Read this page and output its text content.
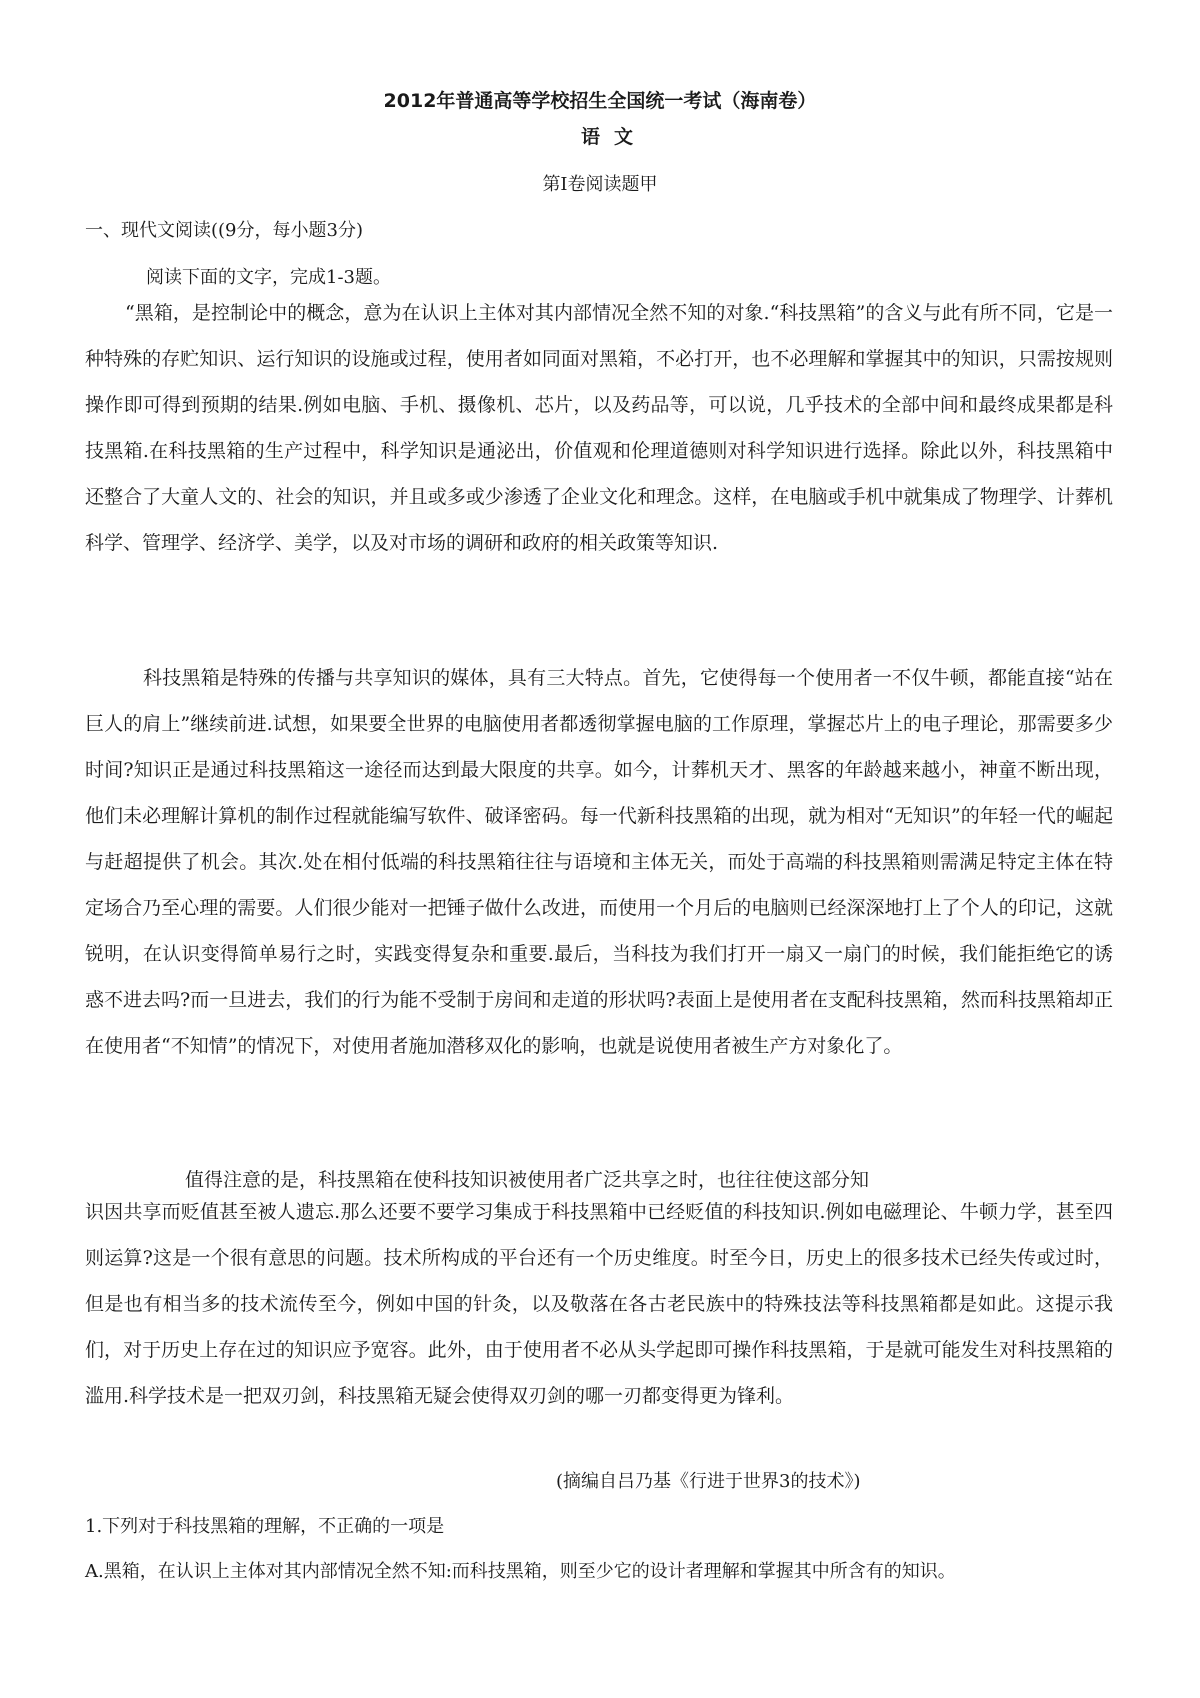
2012年普通高等学校招生全国统一考试（海南卷）

语文

第Ⅰ卷阅读题甲

一、现代文阅读((9分，每小题3分)

阅读下面的文字，完成1-3题。

“黑箱，是控制论中的概念，意为在认识上主体对其内部情况全然不知的对象.“科技黑箱”的含义与此有所不同，它是一种特殊的存贮知识、运行知识的设施或过程，使用者如同面对黑箱，不必打开，也不必理解和掌握其中的知识，只需按规则操作即可得到预期的结果.例如电脑、手机、摄像机、芯片，以及药品等，可以说，几乎技术的全部中间和最终成果都是科技黑箱.在科技黑箱的生产过程中，科学知识是通泌出，价值观和伦理道德则对科学知识进行选择。除此以外，科技黑箱中还整合了大童人文的、社会的知识，并且或多或少渗透了企业文化和理念。这样，在电脑或手机中就集成了物理学、计葬机科学、管理学、经济学、美学，以及对市场的调研和政府的相关政策等知识.

科技黑箱是特殊的传播与共享知识的媒体，具有三大特点。首先，它使得每一个使用者一不仅牛顿，都能直接“站在巨人的肩上”继续前进.试想，如果要全世界的电脑使用者都透彻掌握电脑的工作原理，掌握芯片上的电子理论，那需要多少时间?知识正是通过科技黑箱这一途径而达到最大限度的共享。如今，计葬机天才、黑客的年龄越来越小，神童不断出现，他们未必理解计算机的制作过程就能编写软件、破译密码。每一代新科技黑箱的出现，就为相对“无知识”的年轻一代的崛起与赶超提供了机会。其次.处在相付低端的科技黑箱往往与语境和主体无关，而处于高端的科技黑箱则需满足特定主体在特定场合乃至心理的需要。人们很少能对一把锤子做什么改进，而使用一个月后的电脑则已经深深地打上了个人的印记，这就锐明，在认识变得简单易行之时，实践变得复杂和重要.最后，当科技为我们打开一扇又一扇门的时候，我们能拒绝它的诱惑不进去吗?而一旦进去，我们的行为能不受制于房间和走道的形状吗?表面上是使用者在支配科技黑箱，然而科技黑箱却正在使用者“不知情”的情况下，对使用者施加潜移双化的影响，也就是说使用者被生产方对象化了。

值得注意的是，科技黑箱在使科技知识被使用者广泛共享之时，也往往使这部分知

识因共享而贬值甚至被人遗忘.那么还要不要学习集成于科技黑箱中已经贬值的科技知识.例如电磁理论、牛顿力学，甚至四则运算?这是一个很有意思的问题。技术所构成的平台还有一个历史维度。时至今日，历史上的很多技术已经失传或过时，但是也有相当多的技术流传至今，例如中国的针灸，以及敬落在各古老民族中的特殊技法等科技黑箱都是如此。这提示我们，对于历史上存在过的知识应予宽容。此外，由于使用者不必从头学起即可操作科技黑箱，于是就可能发生对科技黑箱的滥用.科学技术是一把双刃剑，科技黑箱无疑会使得双刃剑的哪一刃都变得更为锋利。

(摘编自吕乃基《行进于世界3的技术》)

1.下列对于科技黑箱的理解，不正确的一项是

A.黑箱，在认识上主体对其内部情况全然不知:而科技黑箱，则至少它的设计者理解和掌握其中所含有的知识。
